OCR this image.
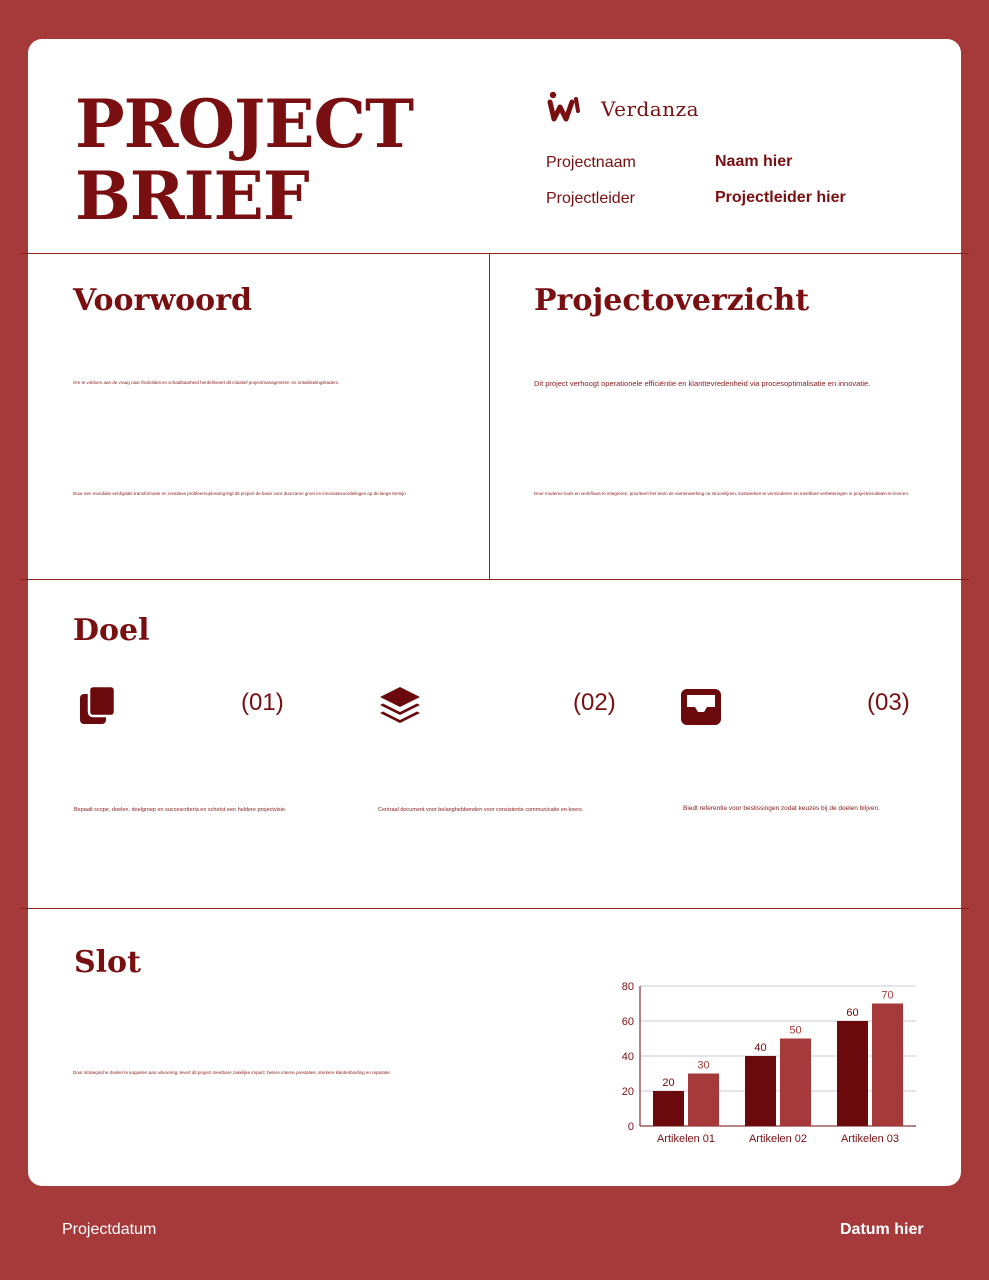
PROJECT
BRIEF
Verdanza
Projectnaam	Naam hier
Projectleider	Projectleider hier
Voorwoord
Om te voldoen aan de vraag naar flexibiliteit en schaalbaarheid herdefinieert dit initiatief projectmanagement- en ontwikkelingskaders.
Door een mondiale verdigitale transformatie en creatieve probleemoplossing legt dit project de basis voor duurzame groei en innovatievoordelingen op de lange termijn
Projectoverzicht
Dit project verhoogt operationele efficiëntie en klanttevredenheid via procesoptimalisatie en innovatie.
Door moderne tools en workflows te integreren, prioriteert het team de samenwerking na stroomlijnen, kostwerken te verminderen en meetbare verbeteringen in projectresultaten te leveren.
Doel
(01)
Bepaalt scope, doelen, doelgroep en succescriteria en schetst een heldere projectvisie.
(02)
Centraal document voor belanghebbenden voor consistente communicatie en koers.
(03)
Biedt referentie voor beslissingen zodat keuzes bij de doelen blijven.
Slot
Door strategische doelen te koppelen aan uitvoering, levert dit project meetbare zakelijke impact: betere interne prestaties, sterkere klantenbinding en reputatie.
0
20
40
60
80
20
30
Artikelen 01
40
50
Artikelen 02
60
70
Artikelen 03
Projectdatum	Datum hier
